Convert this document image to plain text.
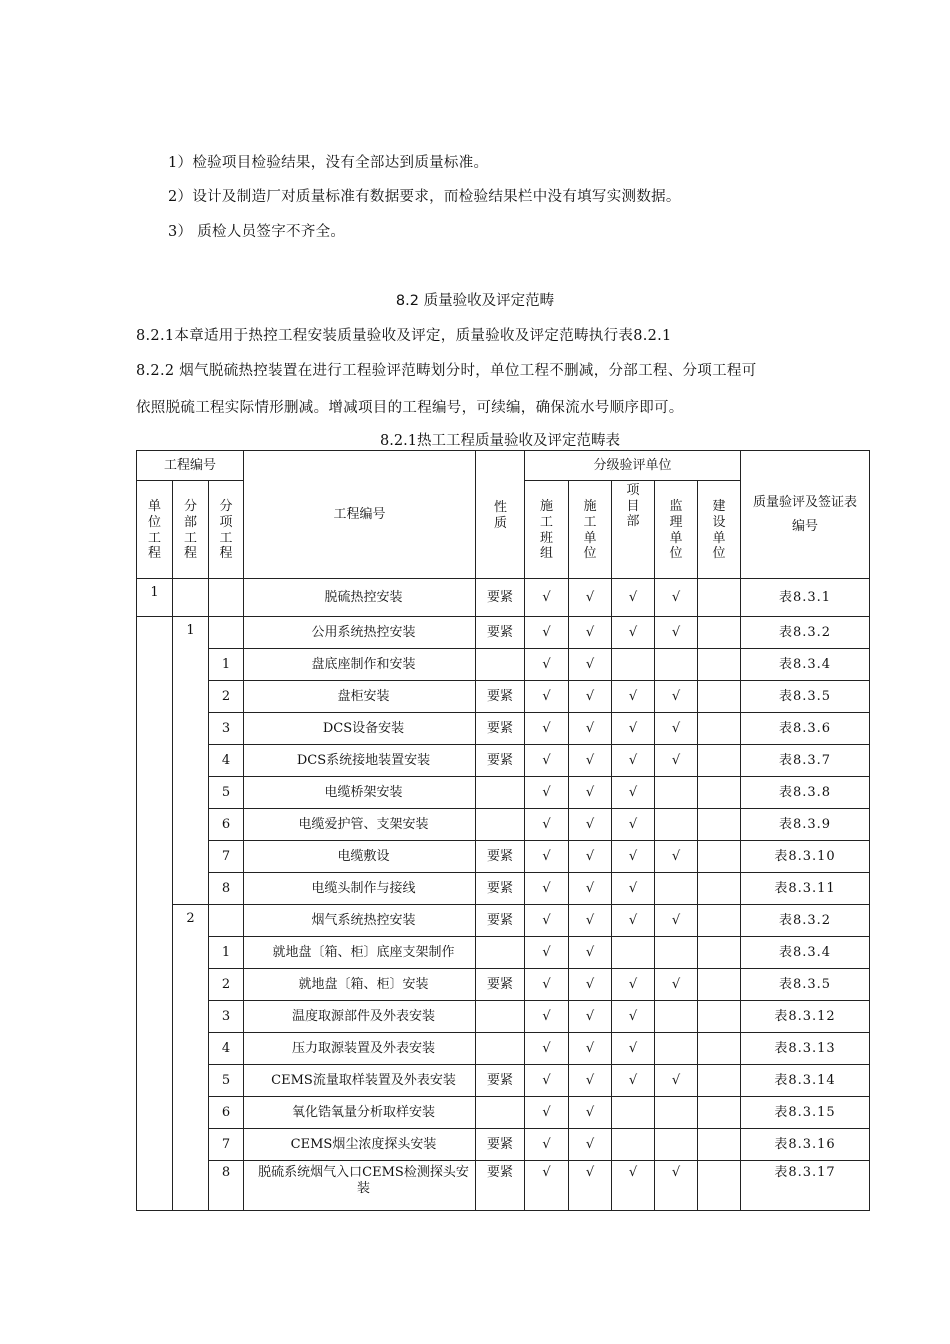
1）检验项目检验结果，没有全部达到质量标准。
2）设计及制造厂对质量标准有数据要求，而检验结果栏中没有填写实测数据。
3） 质检人员签字不齐全。
8.2 质量验收及评定范畴
8.2.1本章适用于热控工程安装质量验收及评定，质量验收及评定范畴执行表8.2.1
8.2.2 烟气脱硫热控装置在进行工程验评范畴划分时，单位工程不删减，分部工程、分项工程可
依照脱硫工程实际情形删减。增减项目的工程编号，可续编，确保流水号顺序即可。
8.2.1热工工程质量验收及评定范畴表
工程编号			工程编号	性质	分级验评单位					质量验评及签证表编号
单位工程	分部工程	分项工程			施工班组	施工单位	项目部	监理单位	建设单位	
1			脱硫热控安装	要紧	√	√	√	√		表8.3.1
	1		公用系统热控安装	要紧	√	√	√	√		表8.3.2
		1	盘底座制作和安装		√	√				表8.3.4
		2	盘柜安装	要紧	√	√	√	√		表8.3.5
		3	DCS设备安装	要紧	√	√	√	√		表8.3.6
		4	DCS系统接地装置安装	要紧	√	√	√	√		表8.3.7
		5	电缆桥架安装		√	√	√			表8.3.8
		6	电缆爱护管、支架安装		√	√	√			表8.3.9
		7	电缆敷设	要紧	√	√	√	√		表8.3.10
		8	电缆头制作与接线	要紧	√	√	√			表8.3.11
	2		烟气系统热控安装	要紧	√	√	√	√		表8.3.2
		1	就地盘〔箱、柜〕底座支架制作		√	√				表8.3.4
		2	就地盘〔箱、柜〕安装	要紧	√	√	√	√		表8.3.5
		3	温度取源部件及外表安装		√	√	√			表8.3.12
		4	压力取源装置及外表安装		√	√	√			表8.3.13
		5	CEMS流量取样装置及外表安装	要紧	√	√	√	√		表8.3.14
		6	氧化锆氧量分析取样安装		√	√				表8.3.15
		7	CEMS烟尘浓度探头安装	要紧	√	√				表8.3.16
		8	脱硫系统烟气入口CEMS检测探头安装	要紧	√	√	√	√		表8.3.17
